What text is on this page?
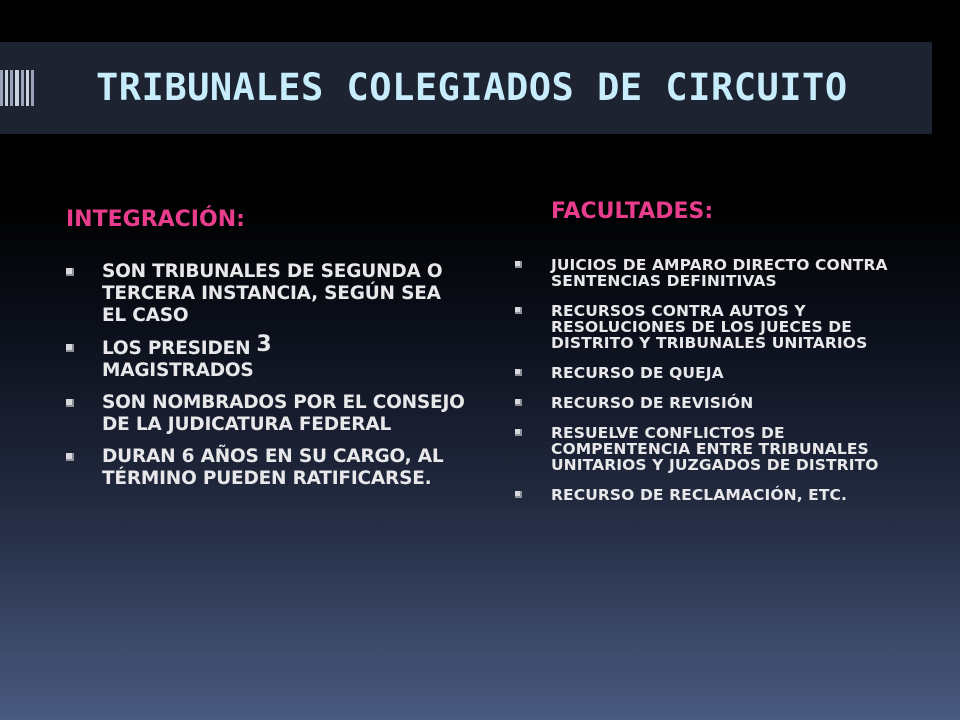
TRIBUNALES COLEGIADOS DE CIRCUITO
INTEGRACIÓN:	FACULTADES:
SON TRIBUNALES DE SEGUNDA O TERCERA INSTANCIA, SEGÚN SEA EL CASO
LOS PRESIDEN 3
MAGISTRADOS
SON NOMBRADOS POR EL CONSEJO DE LA JUDICATURA FEDERAL
DURAN 6 AÑOS EN SU CARGO, AL TÉRMINO PUEDEN RATIFICARSE.
JUICIOS DE AMPARO DIRECTO CONTRA SENTENCIAS DEFINITIVAS
RECURSOS CONTRA AUTOS Y RESOLUCIONES DE LOS JUECES DE DISTRITO Y TRIBUNALES UNITARIOS
RECURSO DE QUEJA
RECURSO DE REVISIÓN
RESUELVE CONFLICTOS DE COMPENTENCIA ENTRE TRIBUNALES UNITARIOS Y JUZGADOS DE DISTRITO
RECURSO DE RECLAMACIÓN, ETC.
